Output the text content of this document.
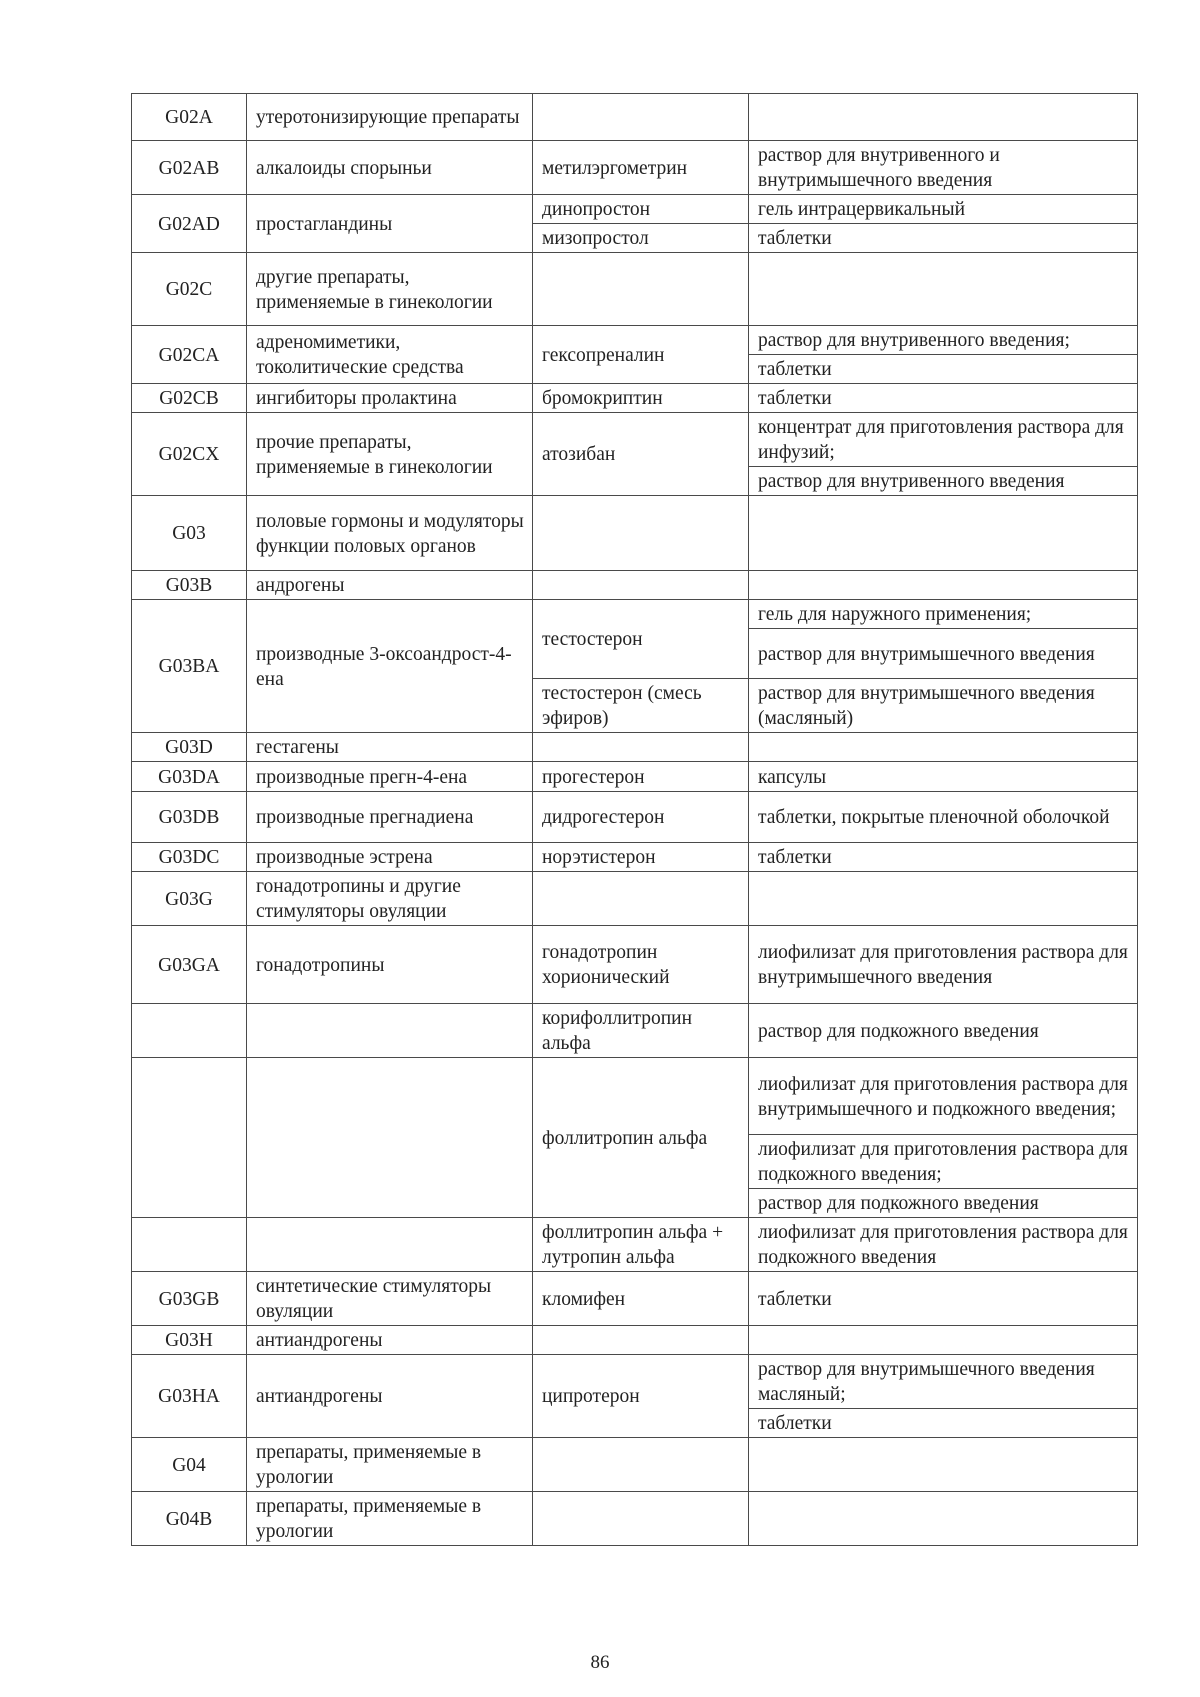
G02A	утеротонизирующие препараты		
G02AB	алкалоиды спорыньи	метилэргометрин	раствор для внутривенного и внутримышечного введения
G02AD	простагландины	динопростон	гель интрацервикальный
		мизопростол	таблетки
G02C	другие препараты, применяемые в гинекологии		
G02CA	адреномиметики, токолитические средства	гексопреналин	раствор для внутривенного введения;
			таблетки
G02CB	ингибиторы пролактина	бромокриптин	таблетки
G02CX	прочие препараты, применяемые в гинекологии	атозибан	концентрат для приготовления раствора для инфузий;
			раствор для внутривенного введения
G03	половые гормоны и модуляторы функции половых органов		
G03B	андрогены		
G03BA	производные 3-оксоандрост-4-ена	тестостерон	гель для наружного применения;
			раствор для внутримышечного введения
		тестостерон (смесь эфиров)	раствор для внутримышечного введения (масляный)
G03D	гестагены		
G03DA	производные прегн-4-ена	прогестерон	капсулы
G03DB	производные прегнадиена	дидрогестерон	таблетки, покрытые пленочной оболочкой
G03DC	производные эстрена	норэтистерон	таблетки
G03G	гонадотропины и другие стимуляторы овуляции		
G03GA	гонадотропины	гонадотропин хорионический	лиофилизат для приготовления раствора для внутримышечного введения
		корифоллитропин альфа	раствор для подкожного введения
		фоллитропин альфа	лиофилизат для приготовления раствора для внутримышечного и подкожного введения;
			лиофилизат для приготовления раствора для подкожного введения;
			раствор для подкожного введения
		фоллитропин альфа + лутропин альфа	лиофилизат для приготовления раствора для подкожного введения
G03GB	синтетические стимуляторы овуляции	кломифен	таблетки
G03H	антиандрогены		
G03HA	антиандрогены	ципротерон	раствор для внутримышечного введения масляный;
			таблетки
G04	препараты, применяемые в урологии		
G04B	препараты, применяемые в урологии		
86
